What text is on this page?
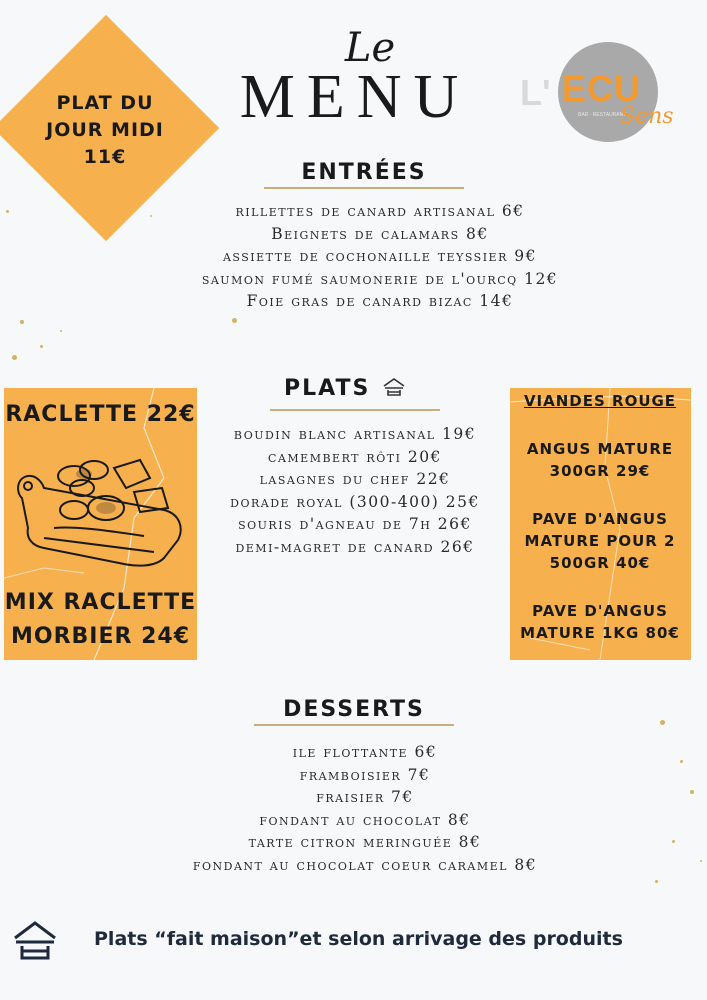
PLAT DU
JOUR MIDI
11€
Le
MENU L' ECU
BAR · RESTAURANT
Sens
ENTRÉES
rillettes de canard artisanal 6€
Beignets de calamars 8€
assiette de cochonaille teyssier 9€
saumon fumé saumonerie de l'ourcq 12€
Foie gras de canard bizac 14€
PLATS
boudin blanc artisanal 19€
camembert rôti 20€
lasagnes du chef 22€
dorade royal (300-400) 25€
souris d'agneau de 7h 26€
demi-magret de canard 26€
RACLETTE 22€
MIX RACLETTE
MORBIER 24€
VIANDES ROUGE
ANGUS MATURE
300GR 29€
PAVE D'ANGUS
MATURE POUR 2
500GR 40€
PAVE D'ANGUS
MATURE 1KG 80€
DESSERTS
ile flottante 6€
framboisier 7€
fraisier 7€
fondant au chocolat 8€
tarte citron meringuée 8€
fondant au chocolat coeur caramel 8€
Plats “fait maison”et selon arrivage des produits
